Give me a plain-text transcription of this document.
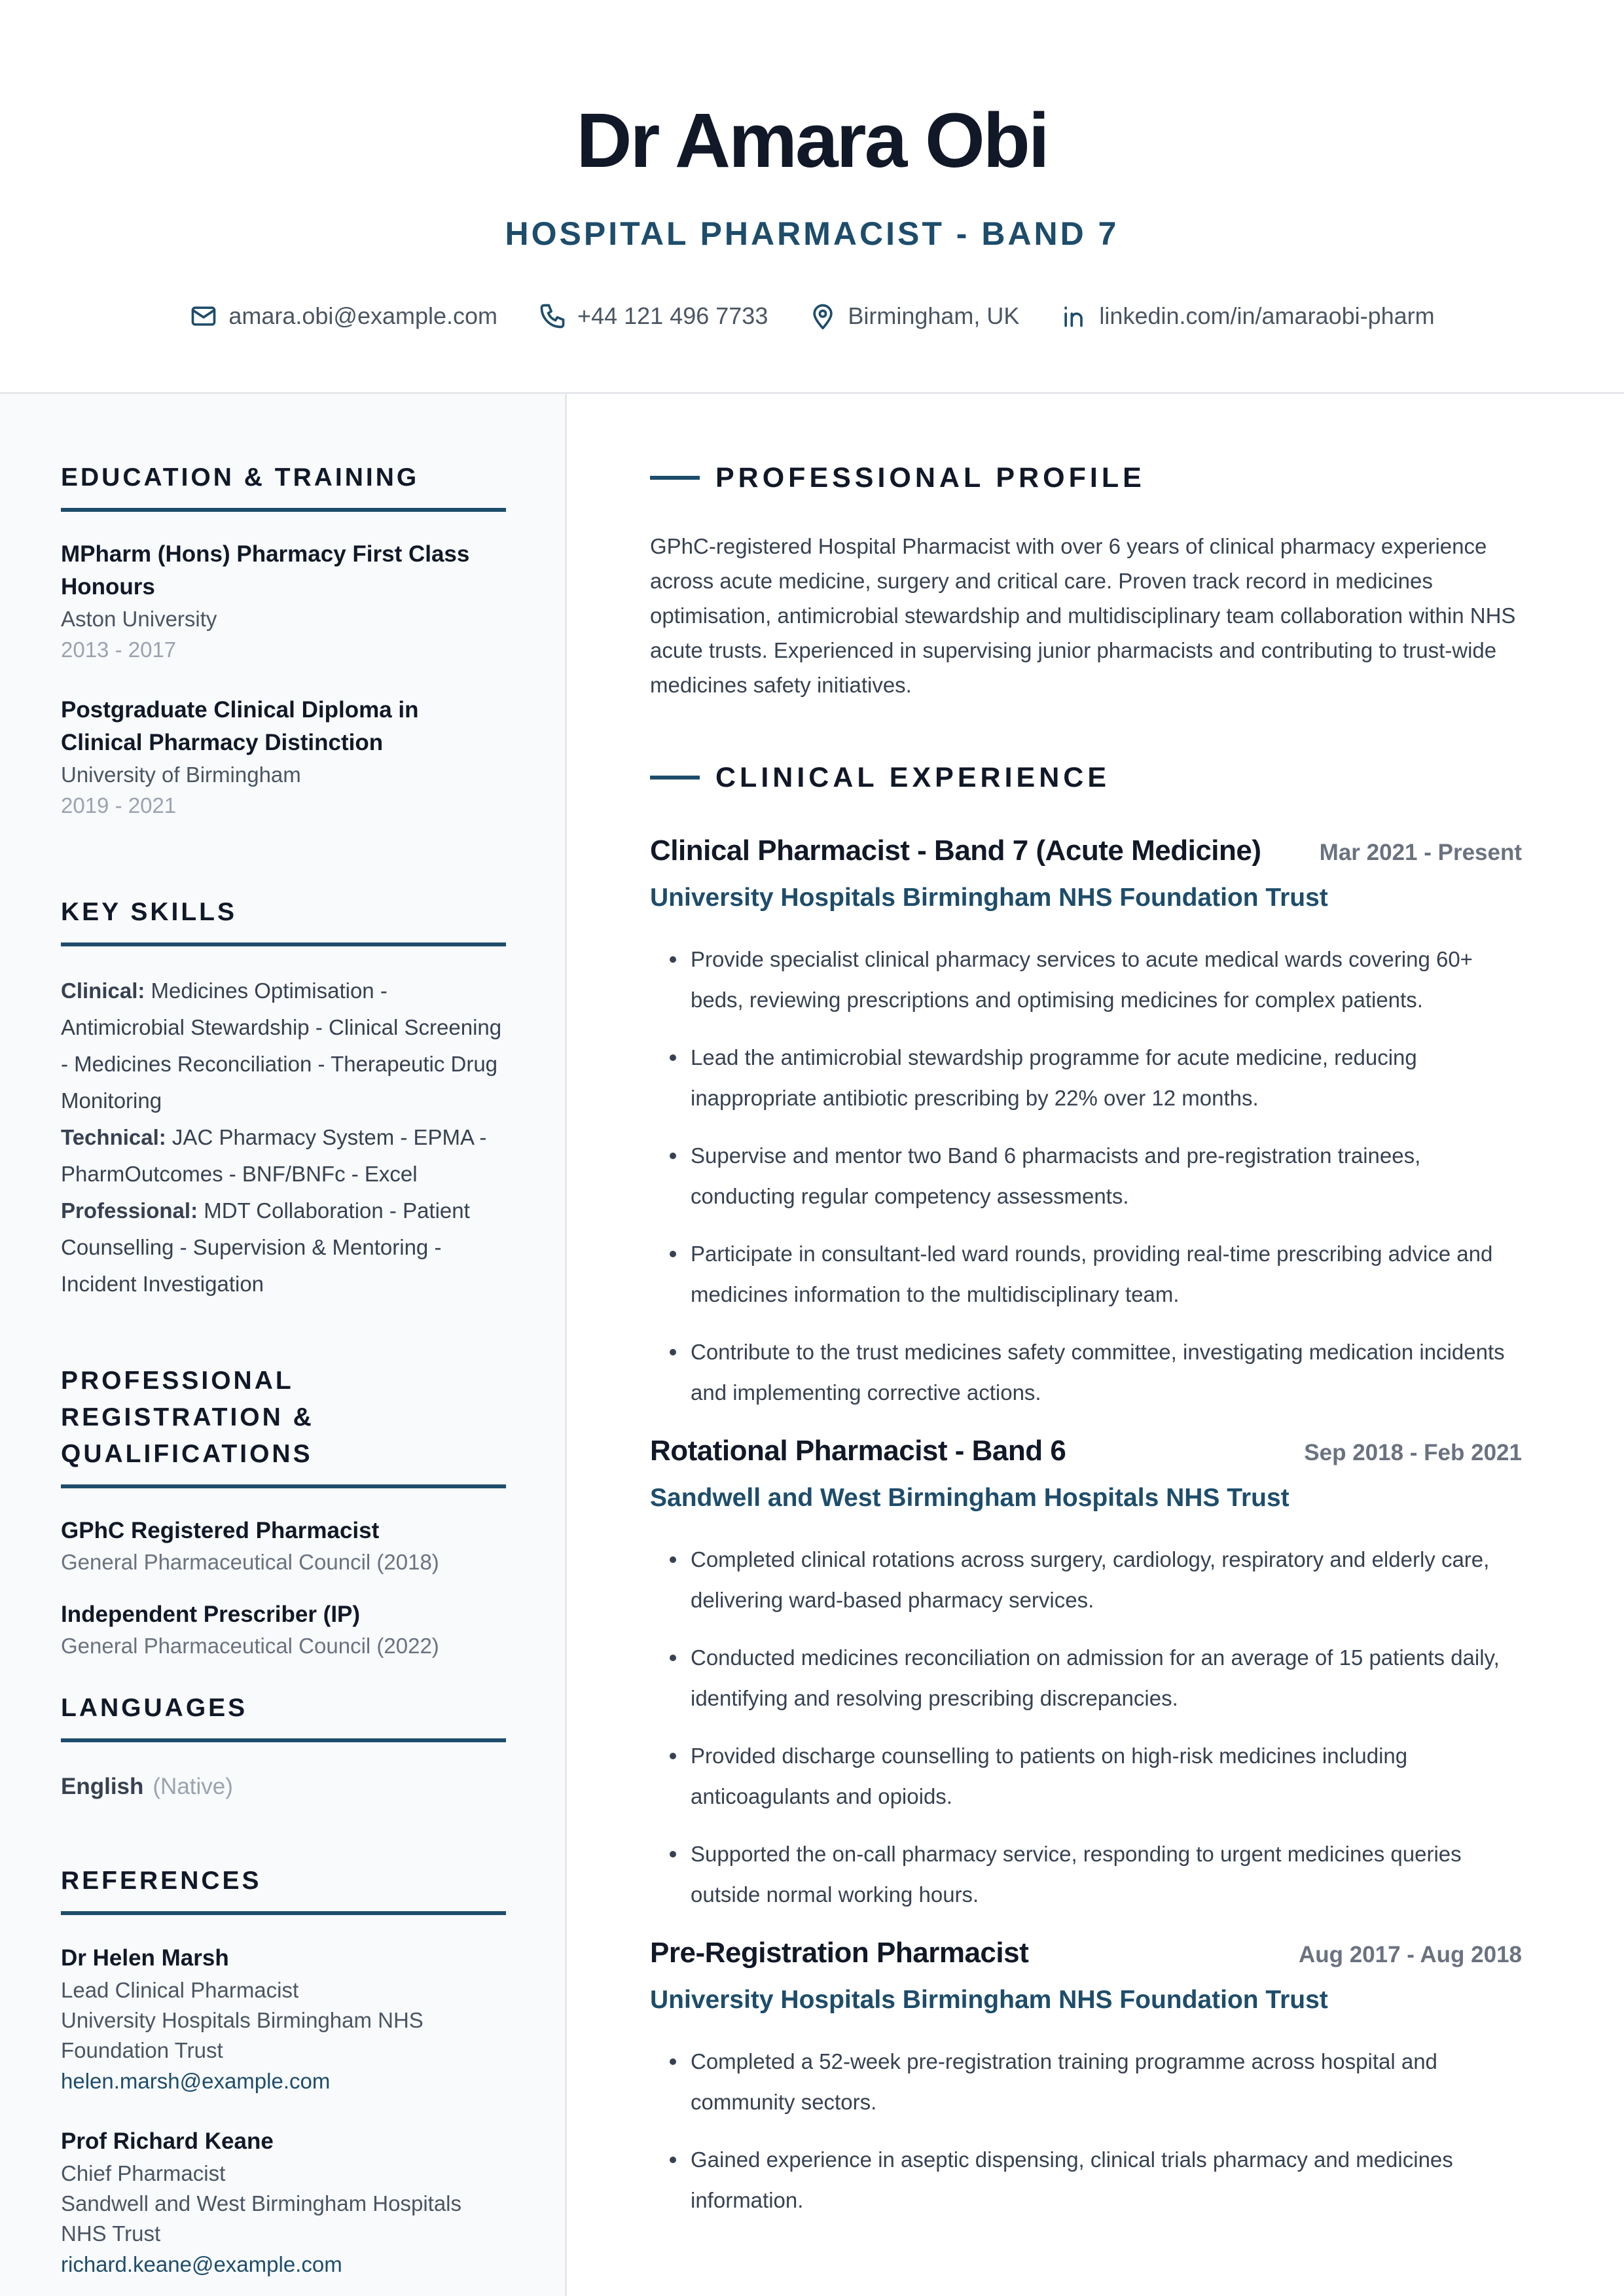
Dr Amara Obi
HOSPITAL PHARMACIST - BAND 7
amara.obi@example.com	+44 121 496 7733	Birmingham, UK	linkedin.com/in/amaraobi-pharm
EDUCATION & TRAINING
MPharm (Hons) Pharmacy First Class Honours
Aston University
2013 - 2017
Postgraduate Clinical Diploma in Clinical Pharmacy Distinction
University of Birmingham
2019 - 2021
KEY SKILLS
Clinical: Medicines Optimisation - Antimicrobial Stewardship - Clinical Screening - Medicines Reconciliation - Therapeutic Drug Monitoring
Technical: JAC Pharmacy System - EPMA - PharmOutcomes - BNF/BNFc - Excel
Professional: MDT Collaboration - Patient Counselling - Supervision & Mentoring - Incident Investigation
PROFESSIONAL REGISTRATION & QUALIFICATIONS
GPhC Registered Pharmacist
General Pharmaceutical Council (2018)
Independent Prescriber (IP)
General Pharmaceutical Council (2022)
LANGUAGES
English (Native)
REFERENCES
Dr Helen Marsh
Lead Clinical Pharmacist
University Hospitals Birmingham NHS Foundation Trust
helen.marsh@example.com
Prof Richard Keane
Chief Pharmacist
Sandwell and West Birmingham Hospitals NHS Trust
richard.keane@example.com
PROFESSIONAL PROFILE

GPhC-registered Hospital Pharmacist with over 6 years of clinical pharmacy experience across acute medicine, surgery and critical care. Proven track record in medicines optimisation, antimicrobial stewardship and multidisciplinary team collaboration within NHS acute trusts. Experienced in supervising junior pharmacists and contributing to trust-wide medicines safety initiatives.

CLINICAL EXPERIENCE
Clinical Pharmacist - Band 7 (Acute Medicine)	Mar 2021 - Present
University Hospitals Birmingham NHS Foundation Trust
Provide specialist clinical pharmacy services to acute medical wards covering 60+ beds, reviewing prescriptions and optimising medicines for complex patients.
Lead the antimicrobial stewardship programme for acute medicine, reducing inappropriate antibiotic prescribing by 22% over 12 months.
Supervise and mentor two Band 6 pharmacists and pre-registration trainees, conducting regular competency assessments.
Participate in consultant-led ward rounds, providing real-time prescribing advice and medicines information to the multidisciplinary team.
Contribute to the trust medicines safety committee, investigating medication incidents and implementing corrective actions.
Rotational Pharmacist - Band 6	Sep 2018 - Feb 2021
Sandwell and West Birmingham Hospitals NHS Trust
Completed clinical rotations across surgery, cardiology, respiratory and elderly care, delivering ward-based pharmacy services.
Conducted medicines reconciliation on admission for an average of 15 patients daily, identifying and resolving prescribing discrepancies.
Provided discharge counselling to patients on high-risk medicines including anticoagulants and opioids.
Supported the on-call pharmacy service, responding to urgent medicines queries outside normal working hours.
Pre-Registration Pharmacist	Aug 2017 - Aug 2018
University Hospitals Birmingham NHS Foundation Trust
Completed a 52-week pre-registration training programme across hospital and community sectors.
Gained experience in aseptic dispensing, clinical trials pharmacy and medicines information.
